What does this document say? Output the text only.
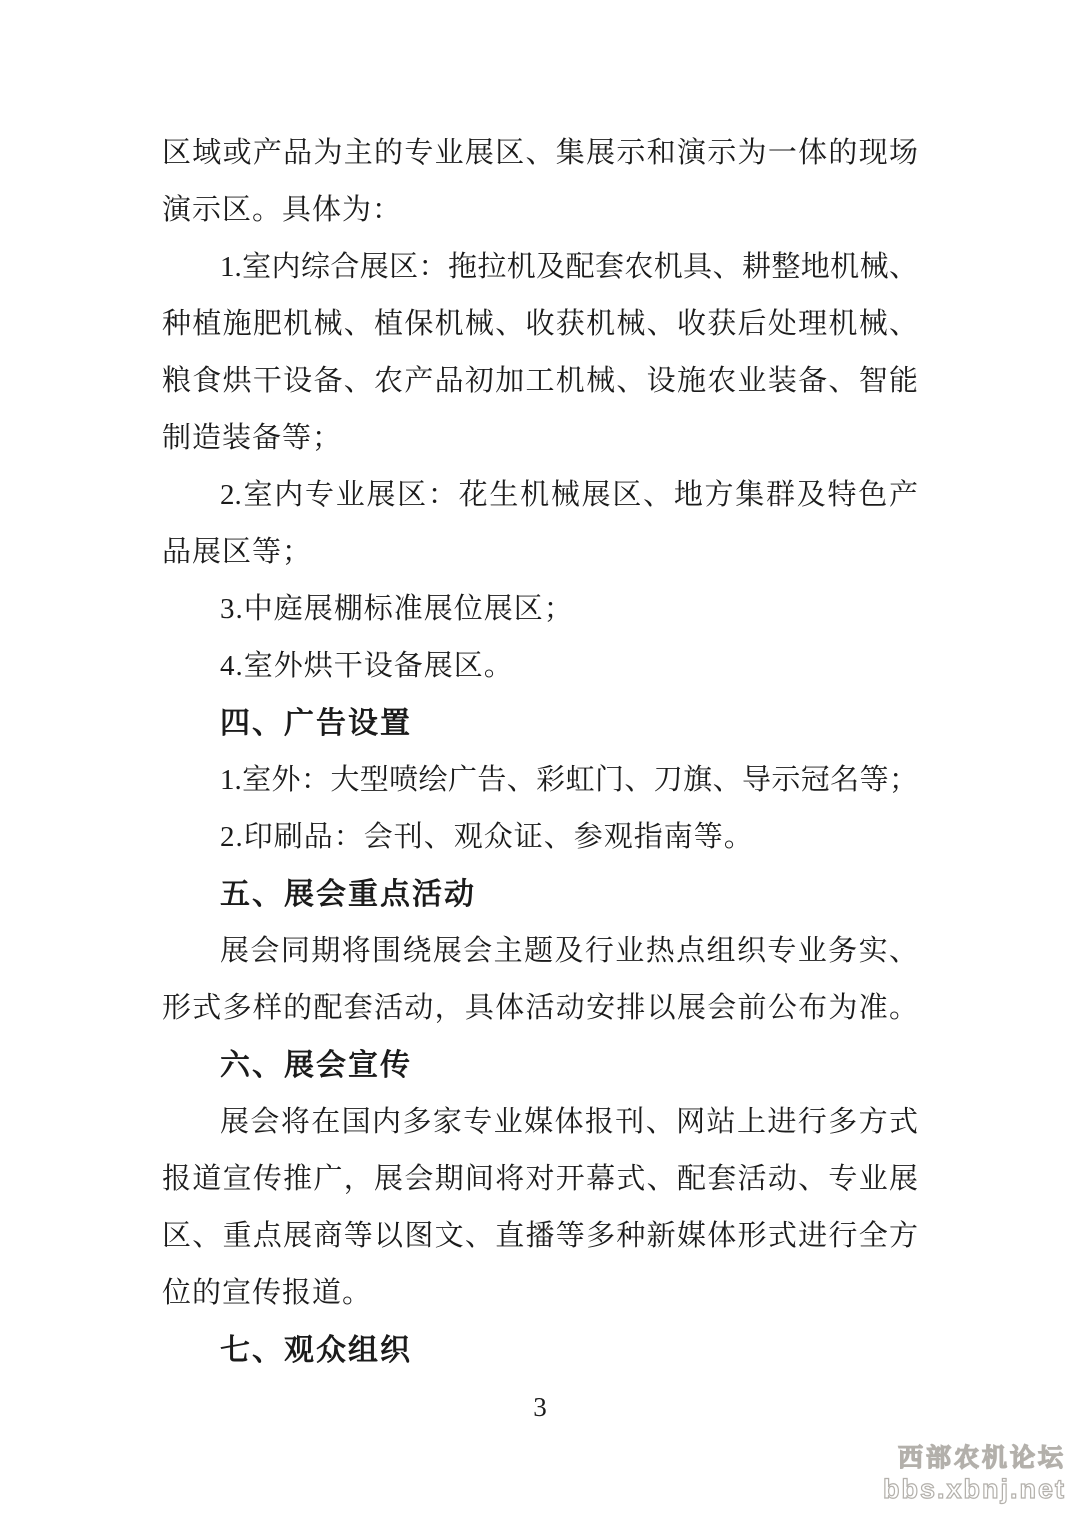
区域或产品为主的专业展区、集展示和演示为一体的现场
演示区。具体为：
1.室内综合展区：拖拉机及配套农机具、耕整地机械、
种植施肥机械、植保机械、收获机械、收获后处理机械、
粮食烘干设备、农产品初加工机械、设施农业装备、智能
制造装备等；
2.室内专业展区：花生机械展区、地方集群及特色产
品展区等；
3.中庭展棚标准展位展区；
4.室外烘干设备展区。
四、广告设置
1.室外：大型喷绘广告、彩虹门、刀旗、导示冠名等；
2.印刷品：会刊、观众证、参观指南等。
五、展会重点活动
展会同期将围绕展会主题及行业热点组织专业务实、
形式多样的配套活动，具体活动安排以展会前公布为准。
六、展会宣传
展会将在国内多家专业媒体报刊、网站上进行多方式
报道宣传推广，展会期间将对开幕式、配套活动、专业展
区、重点展商等以图文、直播等多种新媒体形式进行全方
位的宣传报道。
七、观众组织
3
西部农机论坛
bbs.xbnj.net
